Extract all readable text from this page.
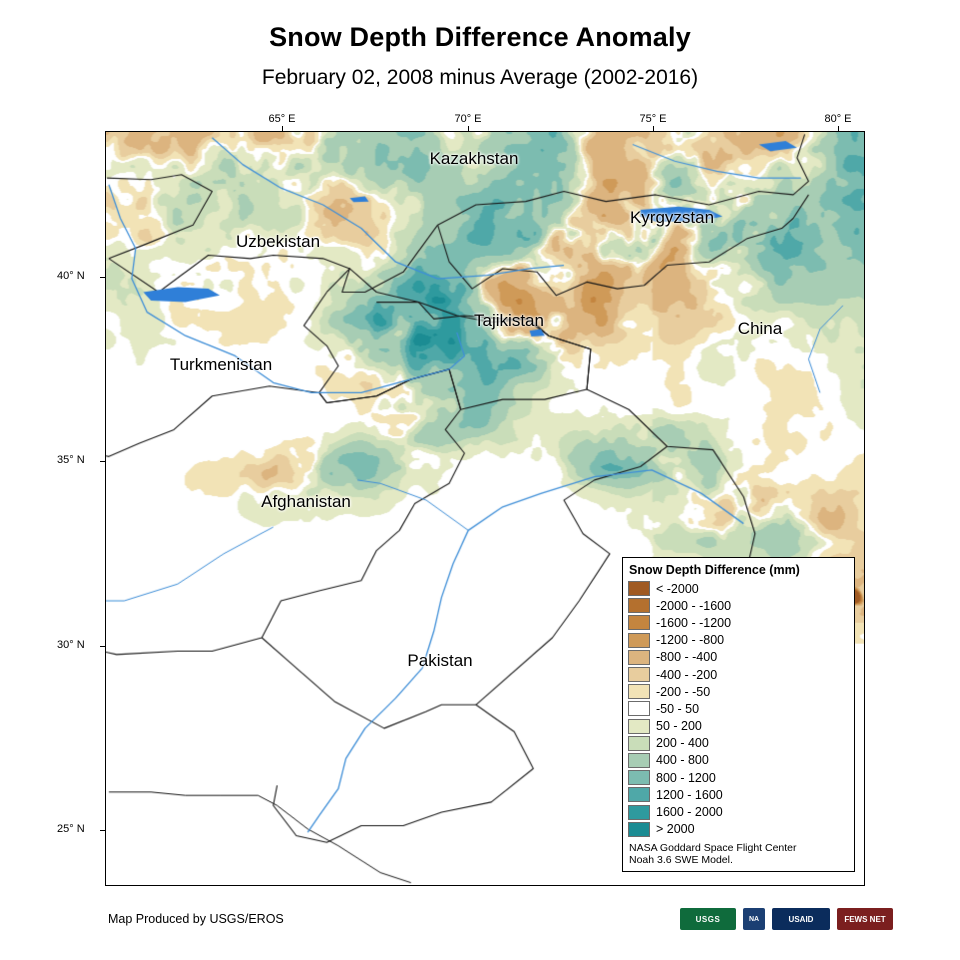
Snow Depth Difference Anomaly
February 02, 2008 minus Average (2002-2016)
65° E	70° E	75° E	80° E
40° N
35° N
30° N
25° N
Kazakhstan
Kyrgyzstan
Uzbekistan
Tajikistan	China
Turkmenistan
Afghanistan
Pakistan
Snow Depth Difference (mm)
< -2000
-2000 - -1600
-1600 - -1200
-1200 - -800
-800 - -400
-400 - -200
-200 - -50
-50 - 50
50 - 200
200 - 400
400 - 800
800 - 1200
1200 - 1600
1600 - 2000
> 2000
NASA Goddard Space Flight Center
Noah 3.6 SWE Model.
Map Produced by USGS/EROS	USGS	NA	USAID	FEWS NET
